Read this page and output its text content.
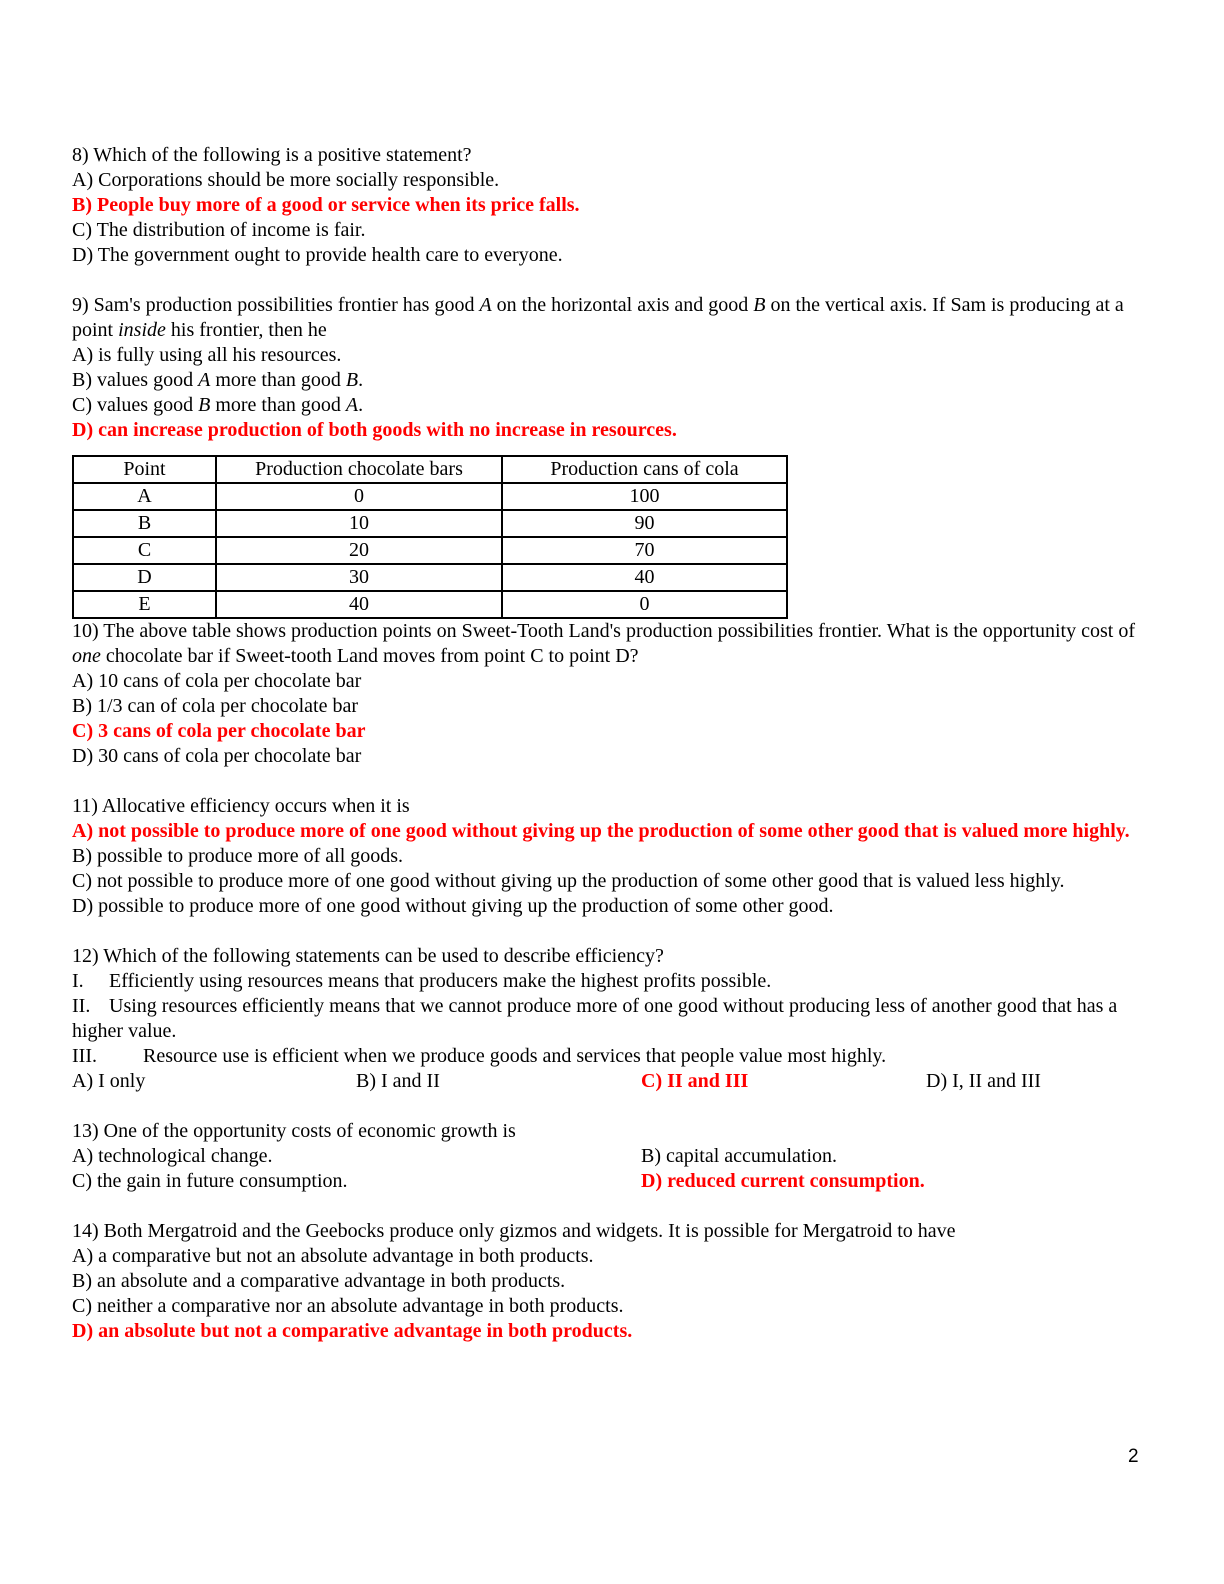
8) Which of the following is a positive statement?
A) Corporations should be more socially responsible.
B) People buy more of a good or service when its price falls.
C) The distribution of income is fair.
D) The government ought to provide health care to everyone.
9) Sam's production possibilities frontier has good A on the horizontal axis and good B on the vertical axis. If Sam is producing at a point inside his frontier, then he
A) is fully using all his resources.
B) values good A more than good B.
C) values good B more than good A.
D) can increase production of both goods with no increase in resources.
Point	Production chocolate bars	Production cans of cola
A	0	100
B	10	90
C	20	70
D	30	40
E	40	0
10) The above table shows production points on Sweet-Tooth Land's production possibilities frontier. What is the opportunity cost of one chocolate bar if Sweet-tooth Land moves from point C to point D?
A) 10 cans of cola per chocolate bar
B) 1/3 can of cola per chocolate bar
C) 3 cans of cola per chocolate bar
D) 30 cans of cola per chocolate bar
11) Allocative efficiency occurs when it is
A) not possible to produce more of one good without giving up the production of some other good that is valued more highly.
B) possible to produce more of all goods.
C) not possible to produce more of one good without giving up the production of some other good that is valued less highly.
D) possible to produce more of one good without giving up the production of some other good.
12) Which of the following statements can be used to describe efficiency?
I. Efficiently using resources means that producers make the highest profits possible.
II. Using resources efficiently means that we cannot produce more of one good without producing less of another good that has a higher value.
III. Resource use is efficient when we produce goods and services that people value most highly.
A) I only	B) I and II	C) II and III	D) I, II and III
13) One of the opportunity costs of economic growth is
A) technological change.	B) capital accumulation.
C) the gain in future consumption.	D) reduced current consumption.
14) Both Mergatroid and the Geebocks produce only gizmos and widgets. It is possible for Mergatroid to have
A) a comparative but not an absolute advantage in both products.
B) an absolute and a comparative advantage in both products.
C) neither a comparative nor an absolute advantage in both products.
D) an absolute but not a comparative advantage in both products.
2
